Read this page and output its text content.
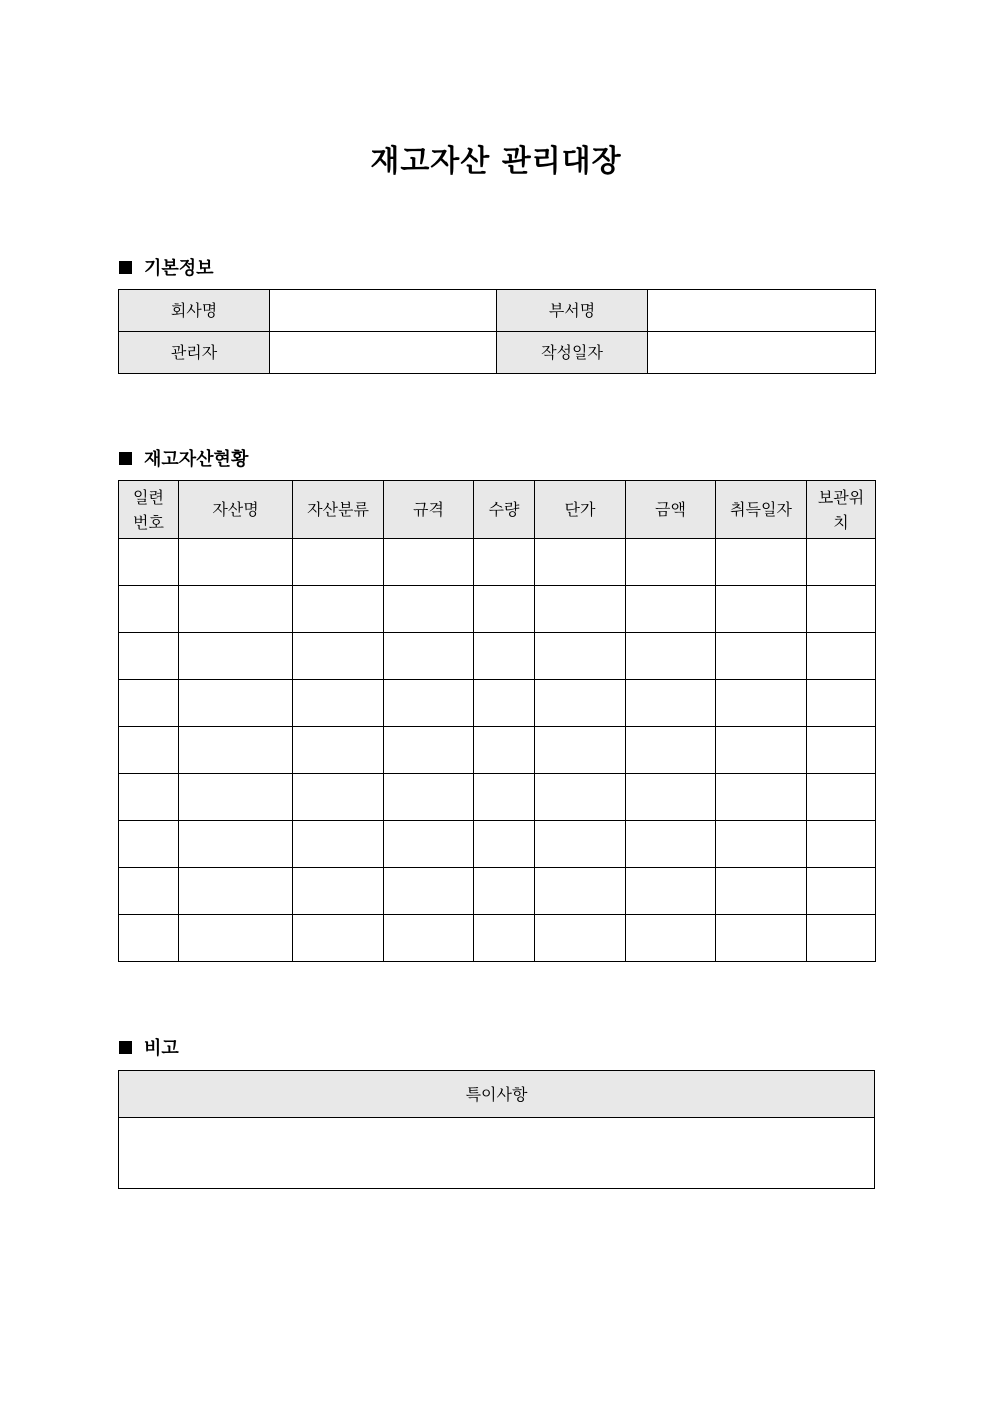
재고자산 관리대장
기본정보
회사명		부서명	
관리자		작성일자	
재고자산현황
일련
번호	자산명	자산분류	규격	수량	단가	금액	취득일자	보관위
치

비고
특이사항
